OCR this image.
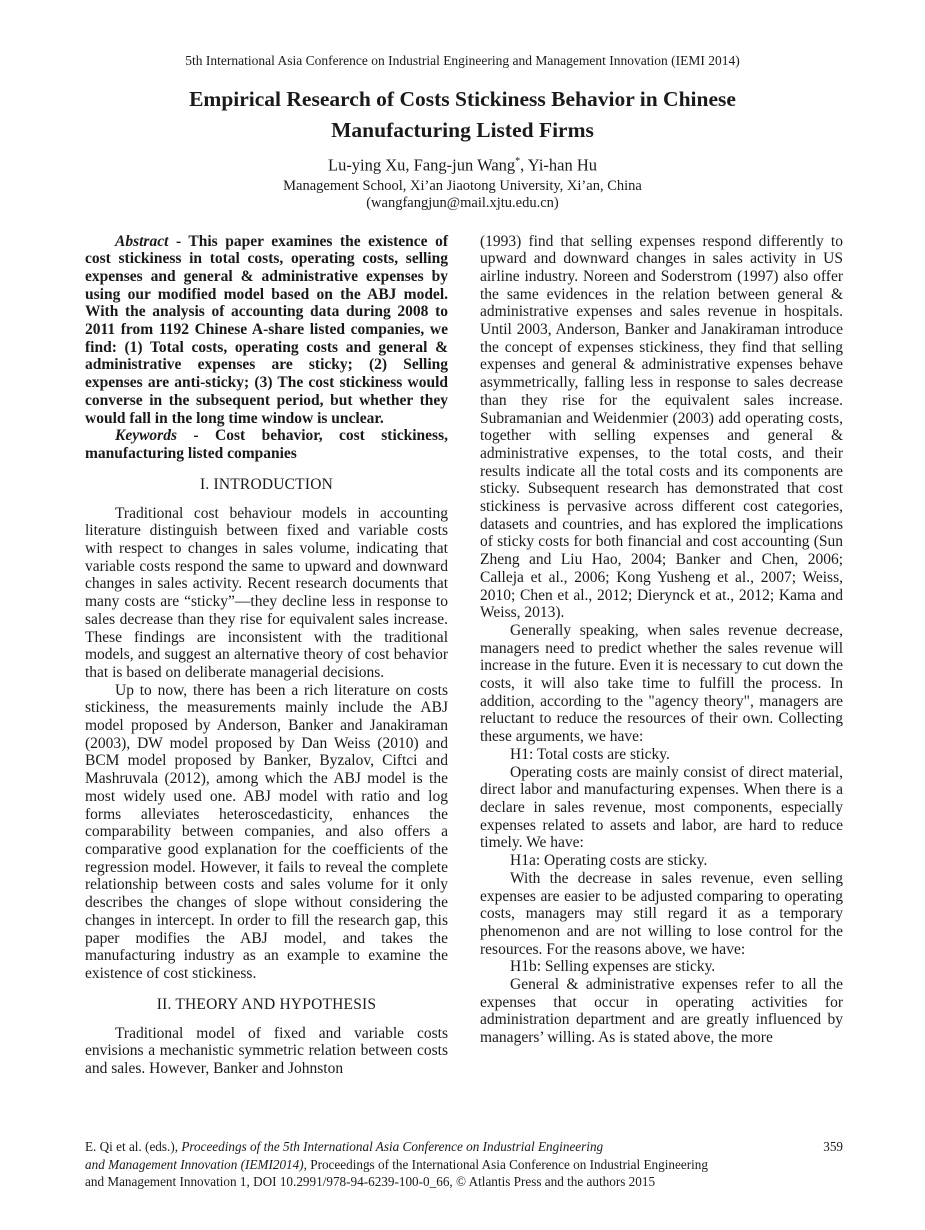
5th International Asia Conference on Industrial Engineering and Management Innovation (IEMI 2014)
Empirical Research of Costs Stickiness Behavior in Chinese
Manufacturing Listed Firms
Lu-ying Xu, Fang-jun Wang*, Yi-han Hu
Management School, Xi’an Jiaotong University, Xi’an, China
(wangfangjun@mail.xjtu.edu.cn)

Abstract - This paper examines the existence of cost stickiness in total costs, operating costs, selling expenses and general & administrative expenses by using our modified model based on the ABJ model. With the analysis of accounting data during 2008 to 2011 from 1192 Chinese A-share listed companies, we find: (1) Total costs, operating costs and general & administrative expenses are sticky; (2) Selling expenses are anti-sticky; (3) The cost stickiness would converse in the subsequent period, but whether they would fall in the long time window is unclear.

Keywords - Cost behavior, cost stickiness, manufacturing listed companies

I. INTRODUCTION

Traditional cost behaviour models in accounting literature distinguish between fixed and variable costs with respect to changes in sales volume, indicating that variable costs respond the same to upward and downward changes in sales activity. Recent research documents that many costs are “sticky”—they decline less in response to sales decrease than they rise for equivalent sales increase. These findings are inconsistent with the traditional models, and suggest an alternative theory of cost behavior that is based on deliberate managerial decisions.

Up to now, there has been a rich literature on costs stickiness, the measurements mainly include the ABJ model proposed by Anderson, Banker and Janakiraman (2003), DW model proposed by Dan Weiss (2010) and BCM model proposed by Banker, Byzalov, Ciftci and Mashruvala (2012), among which the ABJ model is the most widely used one. ABJ model with ratio and log forms alleviates heteroscedasticity, enhances the comparability between companies, and also offers a comparative good explanation for the coefficients of the regression model. However, it fails to reveal the complete relationship between costs and sales volume for it only describes the changes of slope without considering the changes in intercept. In order to fill the research gap, this paper modifies the ABJ model, and takes the manufacturing industry as an example to examine the existence of cost stickiness.

II. THEORY AND HYPOTHESIS

Traditional model of fixed and variable costs envisions a mechanistic symmetric relation between costs and sales. However, Banker and Johnston

(1993) find that selling expenses respond differently to upward and downward changes in sales activity in US airline industry. Noreen and Soderstrom (1997) also offer the same evidences in the relation between general & administrative expenses and sales revenue in hospitals. Until 2003, Anderson, Banker and Janakiraman introduce the concept of expenses stickiness, they find that selling expenses and general & administrative expenses behave asymmetrically, falling less in response to sales decrease than they rise for the equivalent sales increase. Subramanian and Weidenmier (2003) add operating costs, together with selling expenses and general & administrative expenses, to the total costs, and their results indicate all the total costs and its components are sticky. Subsequent research has demonstrated that cost stickiness is pervasive across different cost categories, datasets and countries, and has explored the implications of sticky costs for both financial and cost accounting (Sun Zheng and Liu Hao, 2004; Banker and Chen, 2006; Calleja et al., 2006; Kong Yusheng et al., 2007; Weiss, 2010; Chen et al., 2012; Dierynck et at., 2012; Kama and Weiss, 2013).

Generally speaking, when sales revenue decrease, managers need to predict whether the sales revenue will increase in the future. Even it is necessary to cut down the costs, it will also take time to fulfill the process. In addition, according to the "agency theory", managers are reluctant to reduce the resources of their own. Collecting these arguments, we have:

H1: Total costs are sticky.

Operating costs are mainly consist of direct material, direct labor and manufacturing expenses. When there is a declare in sales revenue, most components, especially expenses related to assets and labor, are hard to reduce timely. We have:

H1a: Operating costs are sticky.

With the decrease in sales revenue, even selling expenses are easier to be adjusted comparing to operating costs, managers may still regard it as a temporary phenomenon and are not willing to lose control for the resources. For the reasons above, we have:

H1b: Selling expenses are sticky.

General & administrative expenses refer to all the expenses that occur in operating activities for administration department and are greatly influenced by managers’ willing. As is stated above, the more

E. Qi et al. (eds.), Proceedings of the 5th International Asia Conference on Industrial Engineering	359
and Management Innovation (IEMI2014), Proceedings of the International Asia Conference on Industrial Engineering
and Management Innovation 1, DOI 10.2991/978-94-6239-100-0_66, © Atlantis Press and the authors 2015
